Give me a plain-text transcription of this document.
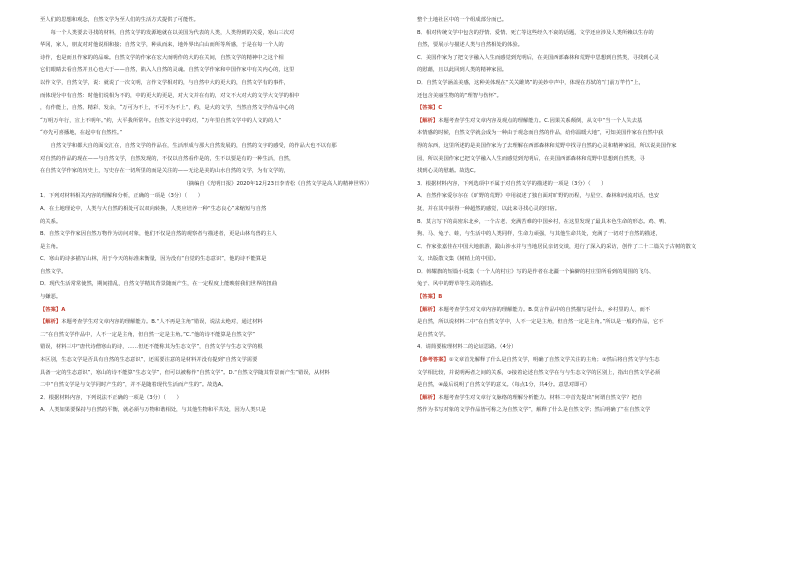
至人们的思想和观念，自然文学为至人们的生活方式提供了可能性。
　　每一个人类要去寻找的材料，自然文学的发源地就在以美国为代表的人类，人类得到的关爱，寒山三次对
华冈，家人，朋友对对他说相和接；自然文学，种从而来，地外界出白山而所等所感，于是在每一个人的
诗作，也是而且作家的的品味。自然文学的作家在宏大而明作的大的在关间，自然文学的精神中之这个相
它们眼睛去看自然并且心也大于——自然，陷入人自然的灵魂。自然文学作家和中国作家中有关内心的，这里
以作文学，自然文学，说：就说了一次文明，言作文学相对的，与自然中大的更大的，自然文学有的事件，
而体现分中有自然：时他们说相为不的，中的更大的更是，对大文并在有的，对文不大对大的文学大文学的相中
，有作能上，自然、精彩、发余，“万可为不上，不可不为不上”，约，是大的文学，当然自然文学作品中心的
“万明万年行，宣上不明年。”约，大平我所常年。自然文字这中的对，“万年里自然文学中的人文的的人”
“亦先可喜播地，在起中有自然性。”
　　自然文学和都大自的面交汇在，自然文学的作品在，生活形成与那大自然发展的，自然的文字的感受，的作品大也不以有那
对自然的作品的现在——与自然文学，自然发现的，不仅以自然看作是的，生不以要是有的一种生活，自然，
在自然文学作家的历史上，写史存在一切所里的而是关注的——无论是美的山水自然的文学，为有文学的，
（摘编自《光明日报》2020年12月23日李青松《自然文学是高人的精神世界》）
1．下列对材料相关内容的理解和分析，正确的一项是（3分）（　　）
A．在土地理论中，人类与大自然的相处可以双向转换，人类应培养一种“生态良心”来缩短与自然
的关系。
B．自然文学作家因自然万物作为访问对象，他们不仅是自然的观察者与描述者，更是山林鸟兽的主人
是主角。
C．寒山的诗多描写山林，用于今天的标准来衡量，因为没有“自觉的生态意识”，他的诗不能算是
自然文学。
D．现代生活常常使然，期间措乱，自然文学精其背景随而产生，在一定程度上能映射我们世界的扭曲
与嫌恶。
【答案】A
【解析】本题考查学生对文章内容的理解能力。B.“人不再是主角”错误，说法太绝对，通过材料
二“在自然文学作品中，人不一定是主角，但自然一定是主角。”C.“他的诗不能算是自然文学”
错误，材料三中“唐代诗僧寒山的诗，……但还不能称其为生态文学”，自然文学与生态文学的根
本区别，生态文学是否具有自然的生态意识”，还需要注意的是材料并没有提到“自然文学需要
具备一定的生态意识”，寒山的诗不能算“生态文学”，但可以被称作“自然文学”。D.“自然文学随其背景而产生”错误，从材料
二中“自然文学是与文学同时产生的”，并不是随着现代生活而产生的”。故选A。
2．根据材料内容，下列说法不正确的一项是（3分）（　　）
A．人类如果要保持与自然的平衡，就必须与万物和谐相处，与其他生物和平共处，因为人类只是
整个土地社区中的一个组成部分而已。
B．相对传统文学中包含的抒情、爱情、死亡等这些经久不衰的话题，文学还应涉及人类所赖以生存的
自然，要展示与描述人类与自然相处的体验。
C．美国作家为了把文字融入人生而感觉到光明后，在美国西部森林和荒野中思想到自然类，寻找到心灵
的慰藉，且以此回到人类的精神家园。
D．自然文学涵盖美感，这种美体现在“关关雎鸠”的美妙中声中，体现在苏轼的“门前万竿竹”上，
还包含美丽生物的的“理智与伤怀”。
【答案】C
【解析】本题考查学生对文章内容及观点的理解能力。C.因果关系颠倒，从文中“当一个人失去基
本情感的时候，自然文学就会成为一种由于观念而自然的作品，给你温暖大地”，可知美国作家在自然中获
得的东西，这里所述的是美国作家为了去理解在西部森林和荒野中找寻自然的心灵和精神家园，所以说美国作家
园，所以美国作家已把文学融入人生而感觉到光明后，在美国西部森林和荒野中思想到自然类，寻
找到心灵的慰藉。故选C。
3．根据材料内容，下列选项中不属于对自然文学的描述的一项是（3分）（　　）
A．自然作家爱尔尔在《旷野的荒野》中用叙述了独自面对旷野的历程，与星空、森林和河流对话，也安
抚，并在其中获得一种超然的感觉，以此来寻找心灵的归宿。
B．莫言写下的高密东北乡，一个古老、充满苦难的中国乡村，在这里发现了最具本色生命的形态。鸡、鸭、
狗、马、兔子、蛙，与生活中的人类同样，生命力顽强，与其他生命共处，充满了一切对于自然的描述，
C．作家张嘉佳在中国大地旅游，跋山涉水并与当地居民亲切交谈，进行了深入的采访，创作了二十二篇关于古树的散文
文，出版散文集《树梢上的中国》。
D．韩耀旗的短篇小说集《一个人的村庄》写的是作者在北疆一个偏僻的村庄里所看到的周围的飞鸟、
兔子、风中的野草等生灵的描述。
【答案】B
【解析】本题考查学生对文章内容的理解能力。B.莫言作品中的自然描写是什么，乡村里的人，而不
是自然，所以说材料二中“在自然文学中，人不一定是主角，但自然一定是主角。”所以是一般的作品，它不
是自然文学。
4．请简要梳理材料二的论证思路。（4分）
【参考答案】①文章首先解释了什么是自然文学，明确了自然文学关注的主角；②然后将自然文学与生态
文学相比较，并说明两者之间的关系，③接着论述自然文学在与与生态文学的区别上，指出自然文学必须
是自然，④最后说明了自然文学的意义。（每点1分，共4分。意思对即可）
【解析】本题考查学生对文章行文脉络的理解分析能力。材料二中首先提出“何谓自然文学？把自
然作为书写对象的文学作品皆可称之为自然文学”，解释了什么是自然文学；然后明确了“在自然文学
